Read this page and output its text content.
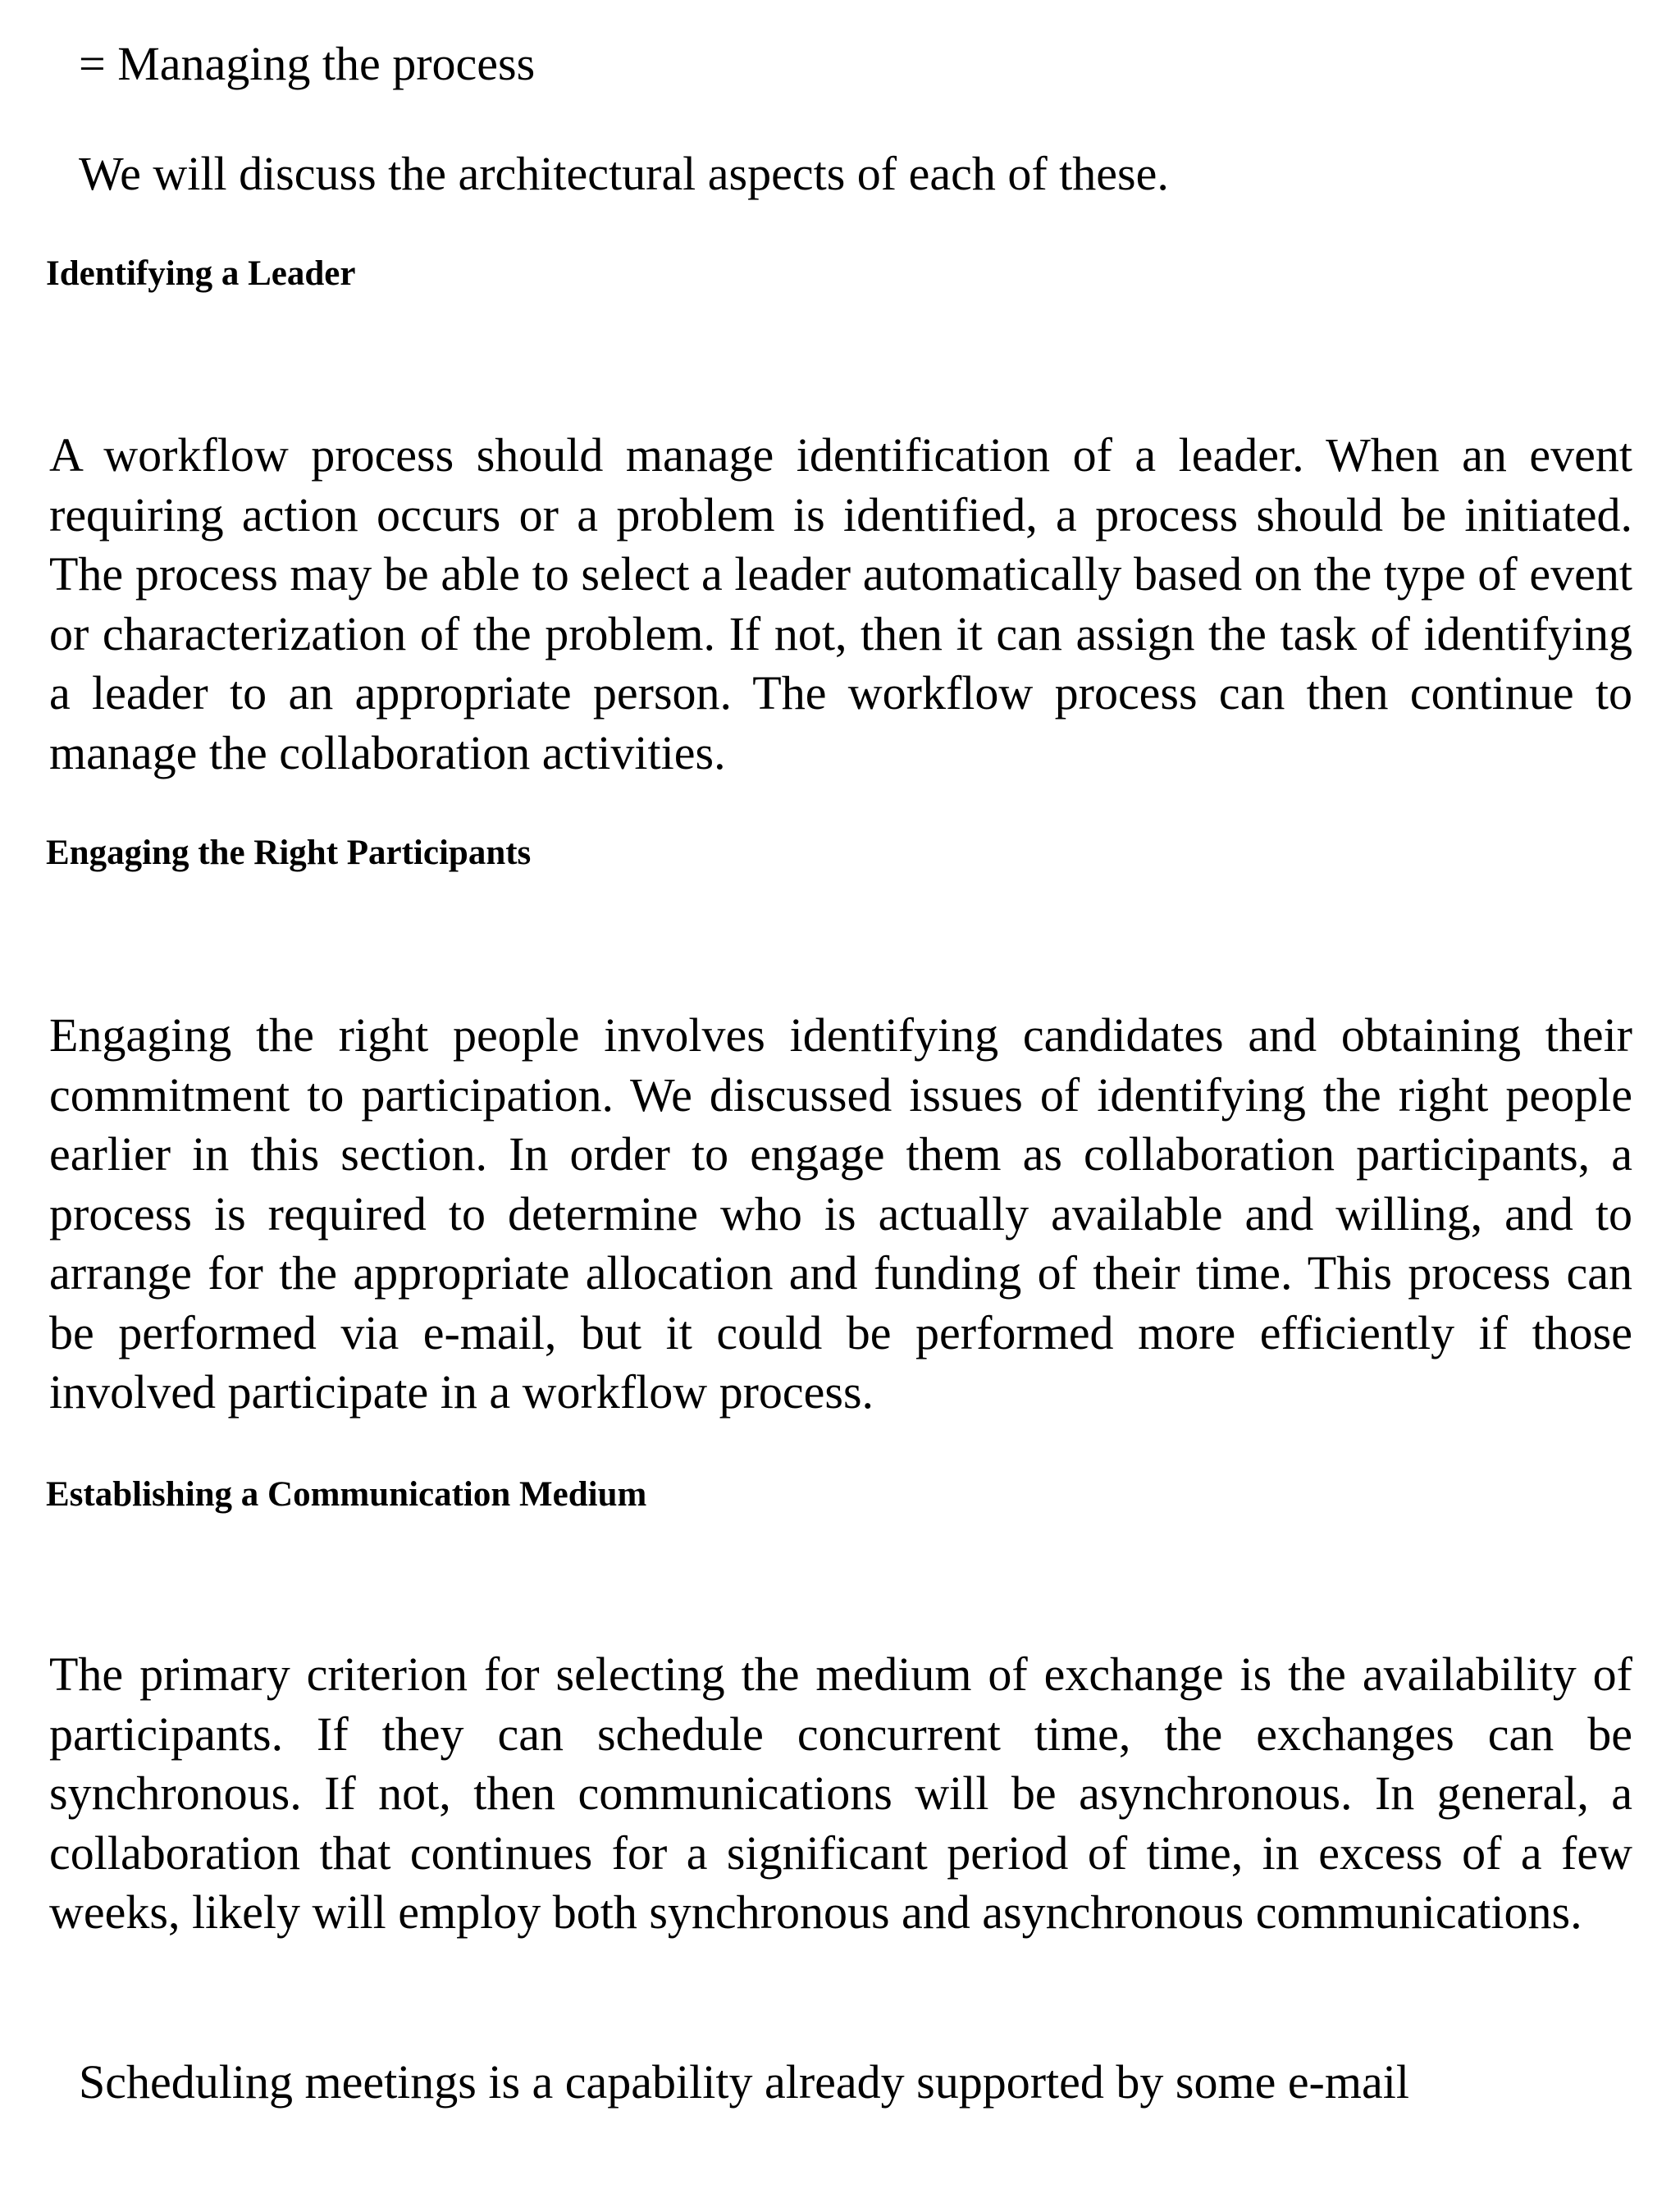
= Managing the process
We will discuss the architectural aspects of each of these.
Identifying a Leader

A workflow process should manage identification of a leader. When an event requiring action occurs or a problem is identified, a process should be initiated. The process may be able to select a leader automatically based on the type of event or characterization of the problem. If not, then it can assign the task of identifying a leader to an appropriate person. The workflow process can then continue to manage the collaboration activities.

Engaging the Right Participants

Engaging the right people involves identifying candidates and obtaining their commitment to participation. We discussed issues of identifying the right people earlier in this section. In order to engage them as collaboration participants, a process is required to determine who is actually available and willing, and to arrange for the appropriate allocation and funding of their time. This process can be performed via e-mail, but it could be performed more efficiently if those involved participate in a workflow process.

Establishing a Communication Medium

The primary criterion for selecting the medium of exchange is the availability of participants. If they can schedule concurrent time, the exchanges can be synchronous. If not, then communications will be asynchronous. In general, a collaboration that continues for a significant period of time, in excess of a few weeks, likely will employ both synchronous and asynchronous communications.

Scheduling meetings is a capability already supported by some e-mail
